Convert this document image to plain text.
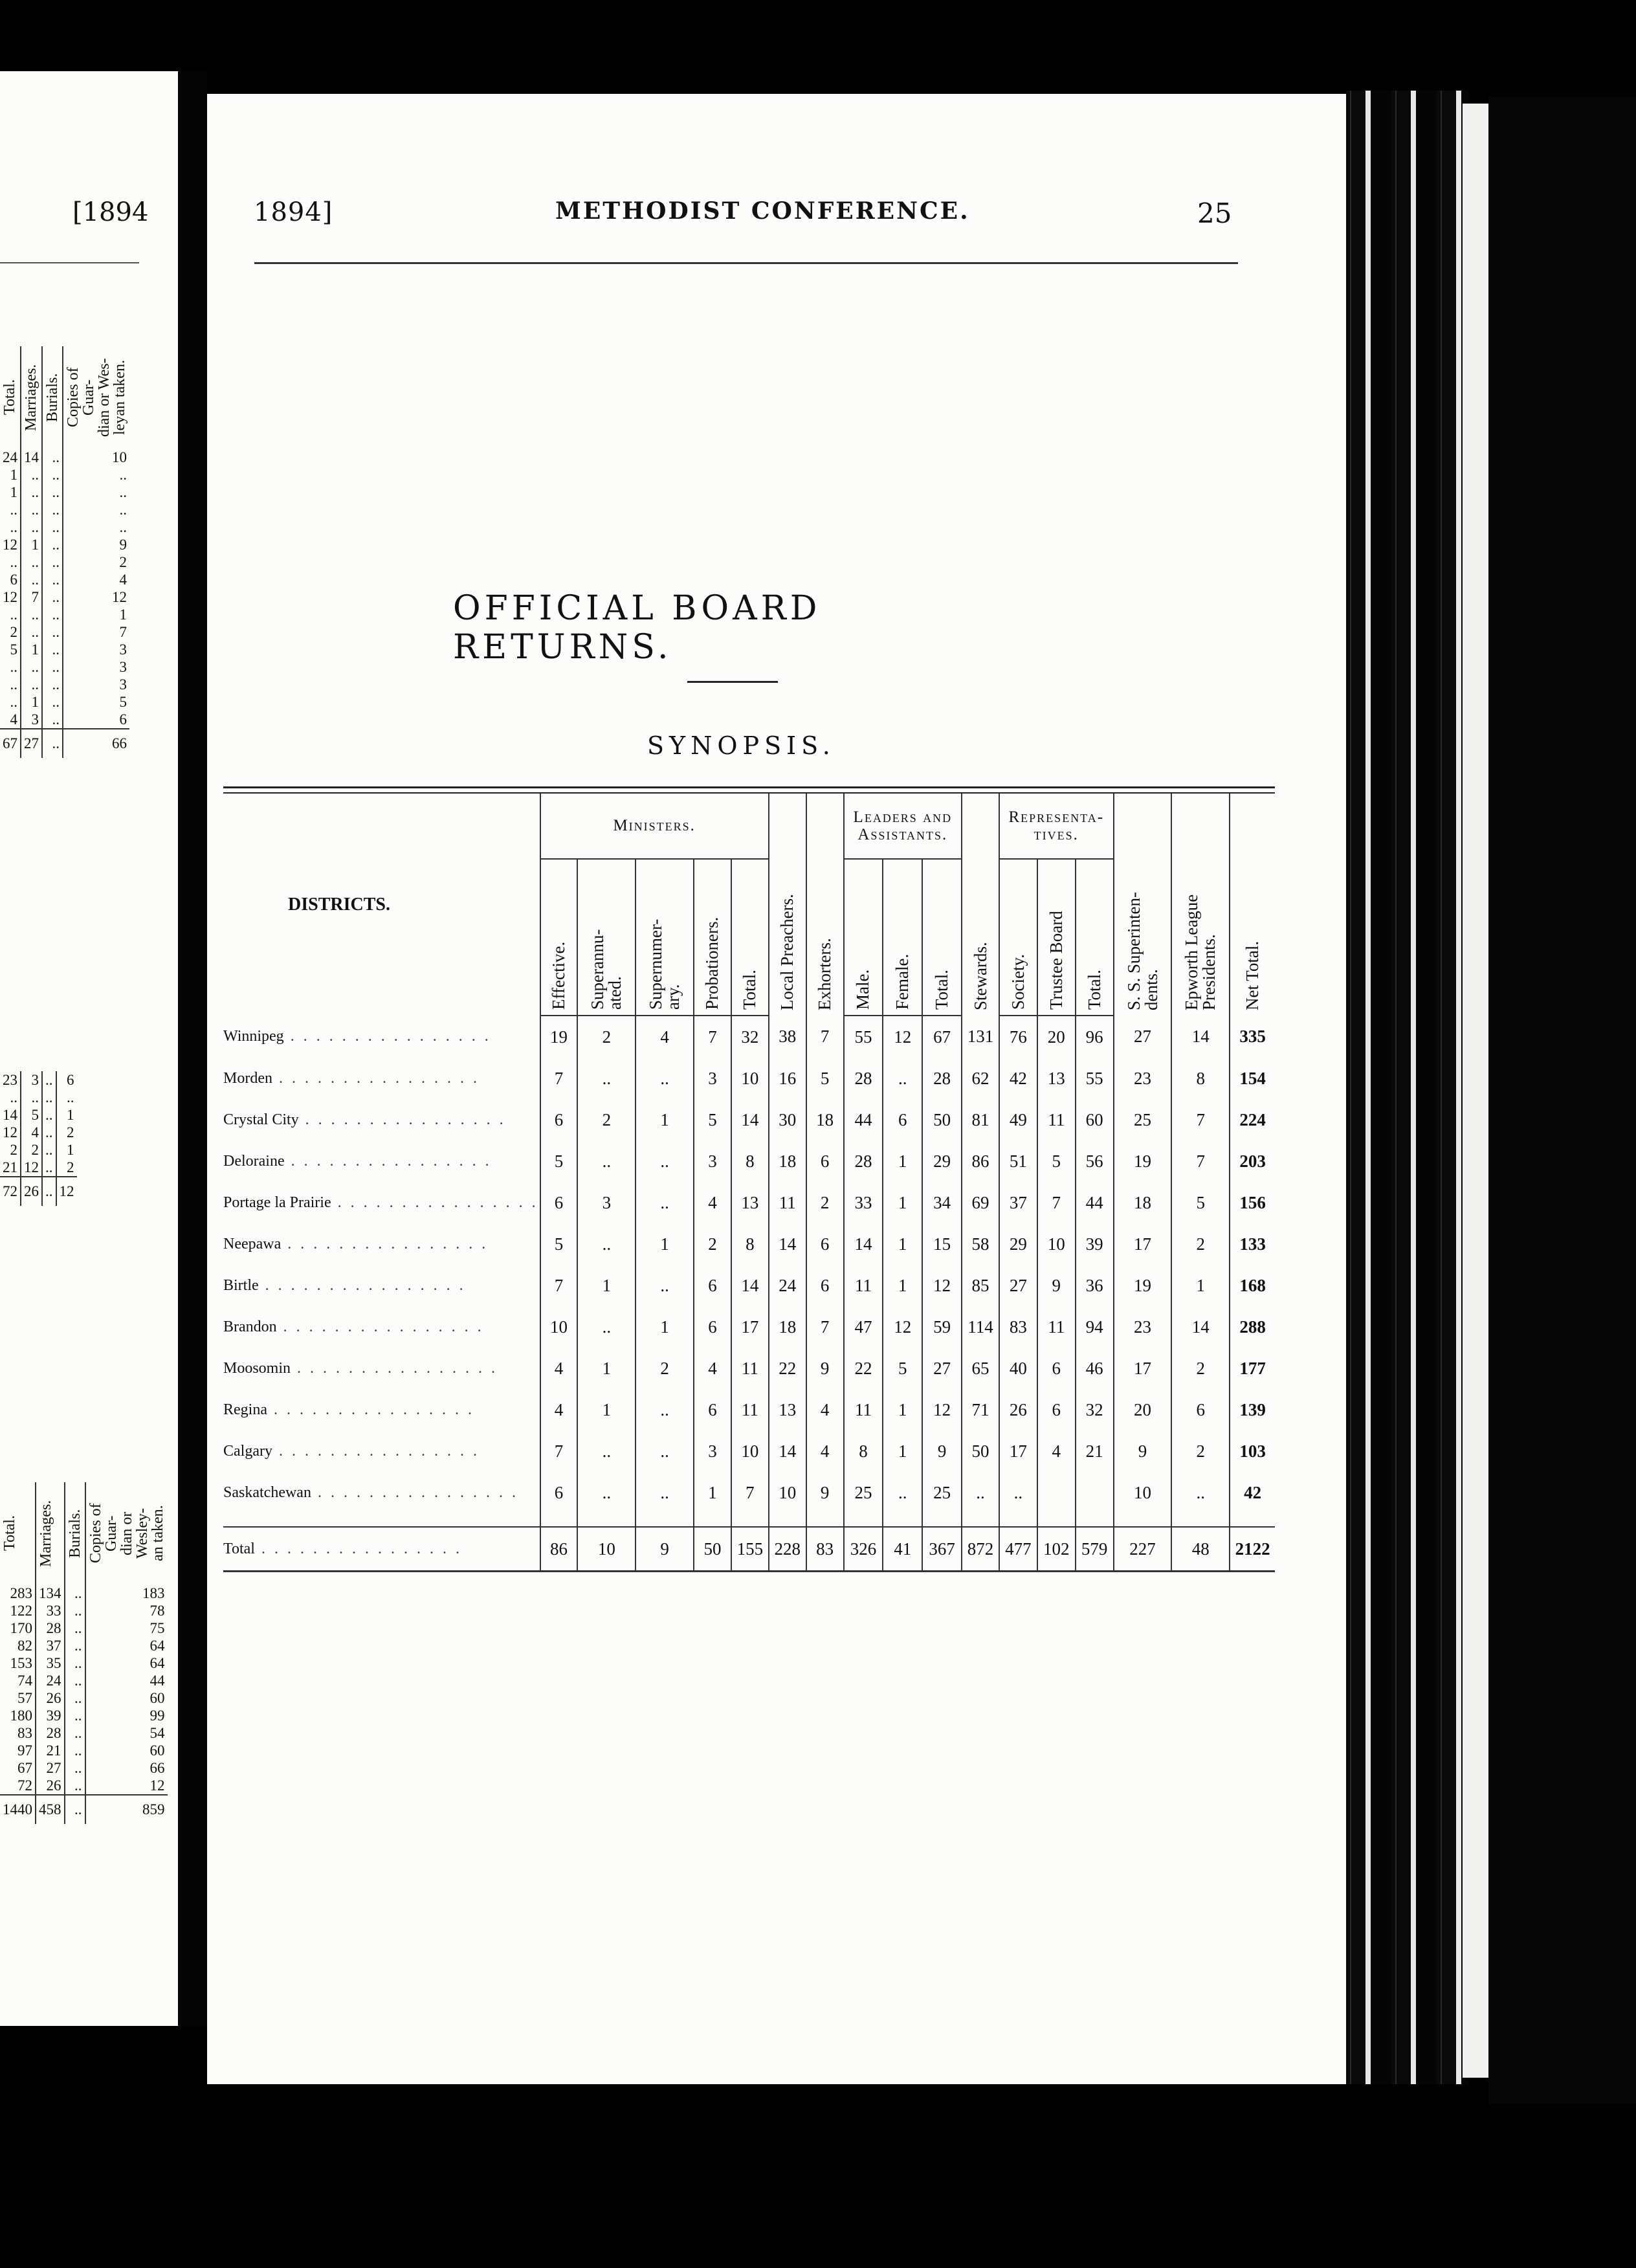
[1894
Total.	Marriages.	Burials.	Copies of Guar-
dian or Wes-
leyan taken.

24	14	..	10
1	..	..	..
1	..	..	..
..	..	..	..
..	..	..	..
12	1	..	9
..	..	..	2
6	..	..	4
12	7	..	12
..	..	..	1
2	..	..	7
5	1	..	3
..	..	..	3
..	..	..	3
..	1	..	5
4	3	..	6
67	27	..	66
23	3	..	6
..	..	..	..
14	5	..	1
12	4	..	2
2	2	..	1
21	12	..	2
72	26	..	12
Total.	Marriages.	Burials.	Copies of Guar-
dian or Wesley-
an taken.

283	134	..	183
122	33	..	78
170	28	..	75
82	37	..	64
153	35	..	64
74	24	..	44
57	26	..	60
180	39	..	99
83	28	..	54
97	21	..	60
67	27	..	66
72	26	..	12
1440	458	..	859
1894]	METHODIST CONFERENCE.	25
OFFICIAL BOARD RETURNS.
SYNOPSIS.
DISTRICTS.	Ministers.					Local Preachers.	Exhorters.	Leaders and
Assistants.			Stewards.	Representa-
tives.			S. S. Superinten-
dents.	Epworth League
Presidents.	Net Total.

	Effective.	Superannu-
ated.	Supernumer-
ary.	Probationers.	Total.			Male.	Female.	Total.		Society.	Trustee Board	Total.			

Winnipeg . . . . . . . . . . . . . . . .	19	2	4	7	32	38	7	55	12	67	131	76	20	96	27	14	335
Morden . . . . . . . . . . . . . . . .	7	..	..	3	10	16	5	28	..	28	62	42	13	55	23	8	154
Crystal City . . . . . . . . . . . . . . . .	6	2	1	5	14	30	18	44	6	50	81	49	11	60	25	7	224
Deloraine . . . . . . . . . . . . . . . .	5	..	..	3	8	18	6	28	1	29	86	51	5	56	19	7	203
Portage la Prairie . . . . . . . . . . . . . . . .	6	3	..	4	13	11	2	33	1	34	69	37	7	44	18	5	156
Neepawa . . . . . . . . . . . . . . . .	5	..	1	2	8	14	6	14	1	15	58	29	10	39	17	2	133
Birtle . . . . . . . . . . . . . . . .	7	1	..	6	14	24	6	11	1	12	85	27	9	36	19	1	168
Brandon . . . . . . . . . . . . . . . .	10	..	1	6	17	18	7	47	12	59	114	83	11	94	23	14	288
Moosomin . . . . . . . . . . . . . . . .	4	1	2	4	11	22	9	22	5	27	65	40	6	46	17	2	177
Regina . . . . . . . . . . . . . . . .	4	1	..	6	11	13	4	11	1	12	71	26	6	32	20	6	139
Calgary . . . . . . . . . . . . . . . .	7	..	..	3	10	14	4	8	1	9	50	17	4	21	9	2	103
Saskatchewan . . . . . . . . . . . . . . . .	6	..	..	1	7	10	9	25	..	25	..	..			10	..	42

Total . . . . . . . . . . . . . . . .	86	10	9	50	155	228	83	326	41	367	872	477	102	579	227	48	2122
